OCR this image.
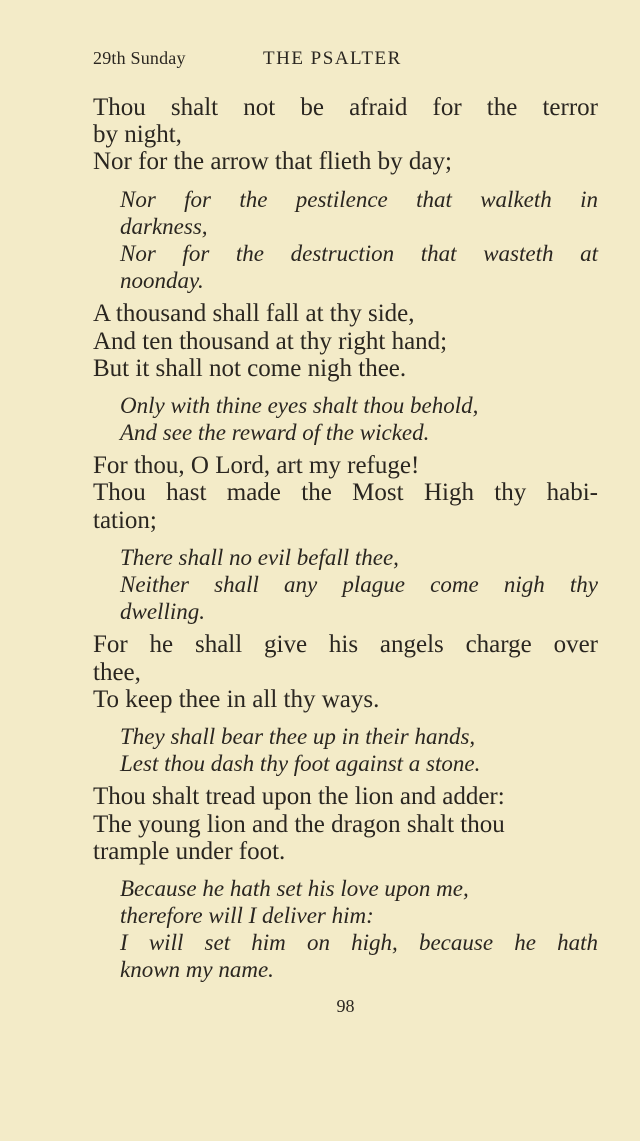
29th Sunday	THE PSALTER
Thou shalt not be afraid for the terror
by night,
Nor for the arrow that flieth by day;
Nor for the pestilence that walketh in
darkness,
Nor for the destruction that wasteth at
noonday.
A thousand shall fall at thy side,
And ten thousand at thy right hand;
But it shall not come nigh thee.
Only with thine eyes shalt thou behold,
And see the reward of the wicked.
For thou, O Lord, art my refuge!
Thou hast made the Most High thy habi-
tation;
There shall no evil befall thee,
Neither shall any plague come nigh thy
dwelling.
For he shall give his angels charge over
thee,
To keep thee in all thy ways.
They shall bear thee up in their hands,
Lest thou dash thy foot against a stone.
Thou shalt tread upon the lion and adder:
The young lion and the dragon shalt thou
trample under foot.
Because he hath set his love upon me,
therefore will I deliver him:
I will set him on high, because he hath
known my name.
98
